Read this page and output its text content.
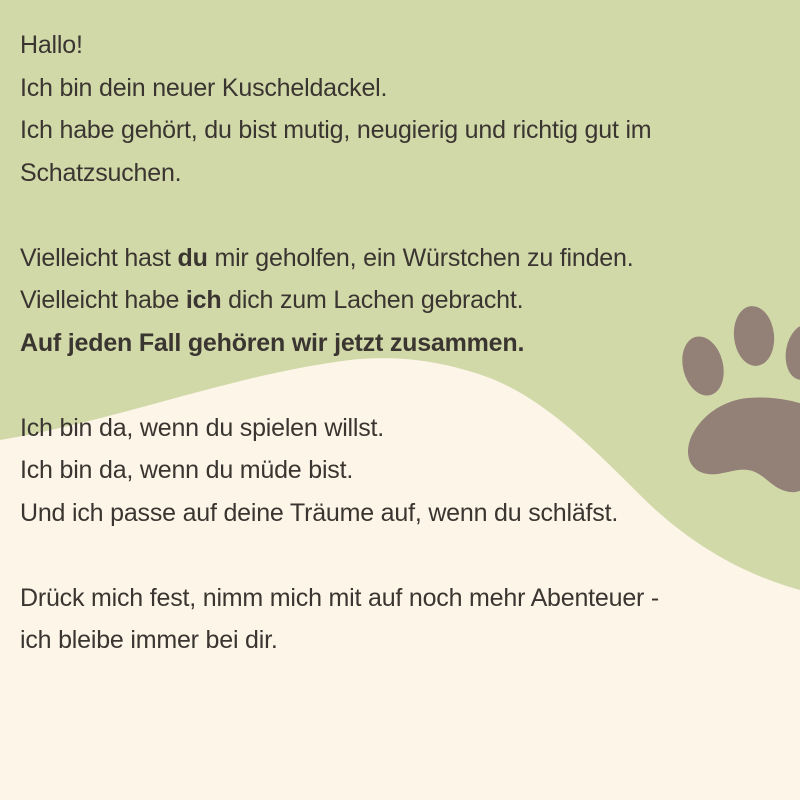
Hallo!

Ich bin dein neuer Kuscheldackel.

Ich habe gehört, du bist mutig, neugierig und richtig gut im

Schatzsuchen.

Vielleicht hast du mir geholfen, ein Würstchen zu finden.

Vielleicht habe ich dich zum Lachen gebracht.

Auf jeden Fall gehören wir jetzt zusammen.

Ich bin da, wenn du spielen willst.

Ich bin da, wenn du müde bist.

Und ich passe auf deine Träume auf, wenn du schläfst.

Drück mich fest, nimm mich mit auf noch mehr Abenteuer -

ich bleibe immer bei dir.
